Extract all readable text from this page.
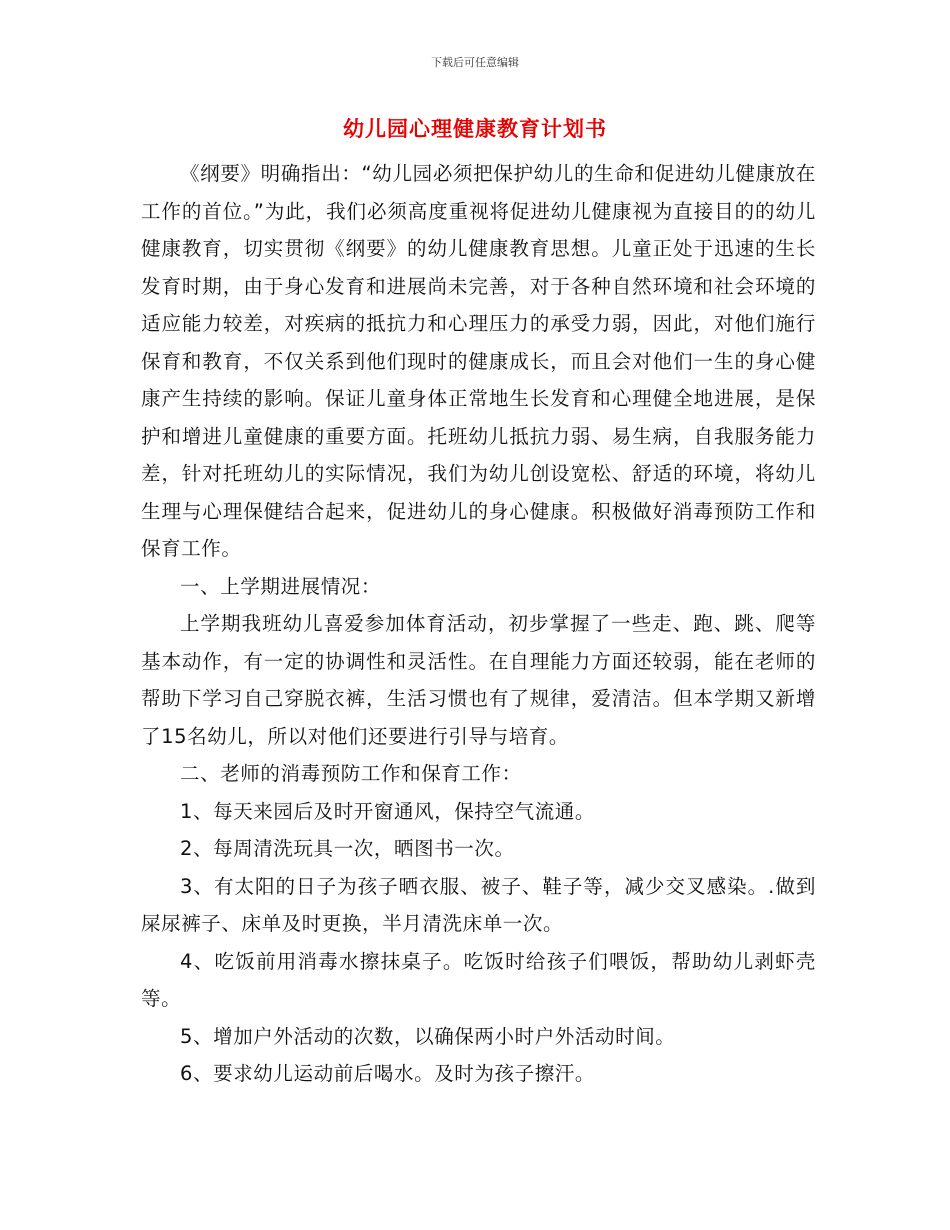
下载后可任意编辑
幼儿园心理健康教育计划书

《纲要》明确指出：“幼儿园必须把保护幼儿的生命和促进幼儿健康放在工作的首位。”为此，我们必须高度重视将促进幼儿健康视为直接目的的幼儿健康教育，切实贯彻《纲要》的幼儿健康教育思想。儿童正处于迅速的生长发育时期，由于身心发育和进展尚未完善，对于各种自然环境和社会环境的适应能力较差，对疾病的抵抗力和心理压力的承受力弱，因此，对他们施行保育和教育，不仅关系到他们现时的健康成长，而且会对他们一生的身心健康产生持续的影响。保证儿童身体正常地生长发育和心理健全地进展，是保护和增进儿童健康的重要方面。托班幼儿抵抗力弱、易生病，自我服务能力差，针对托班幼儿的实际情况，我们为幼儿创设宽松、舒适的环境，将幼儿生理与心理保健结合起来，促进幼儿的身心健康。积极做好消毒预防工作和保育工作。

一、上学期进展情况：

上学期我班幼儿喜爱参加体育活动，初步掌握了一些走、跑、跳、爬等基本动作，有一定的协调性和灵活性。在自理能力方面还较弱，能在老师的帮助下学习自己穿脱衣裤，生活习惯也有了规律，爱清洁。但本学期又新增了15名幼儿，所以对他们还要进行引导与培育。

二、老师的消毒预防工作和保育工作：

1、每天来园后及时开窗通风，保持空气流通。

2、每周清洗玩具一次，晒图书一次。

3、有太阳的日子为孩子晒衣服、被子、鞋子等，减少交叉感染。.做到屎尿裤子、床单及时更换，半月清洗床单一次。

4、吃饭前用消毒水擦抹桌子。吃饭时给孩子们喂饭，帮助幼儿剥虾壳等。

5、增加户外活动的次数，以确保两小时户外活动时间。

6、要求幼儿运动前后喝水。及时为孩子擦汗。
